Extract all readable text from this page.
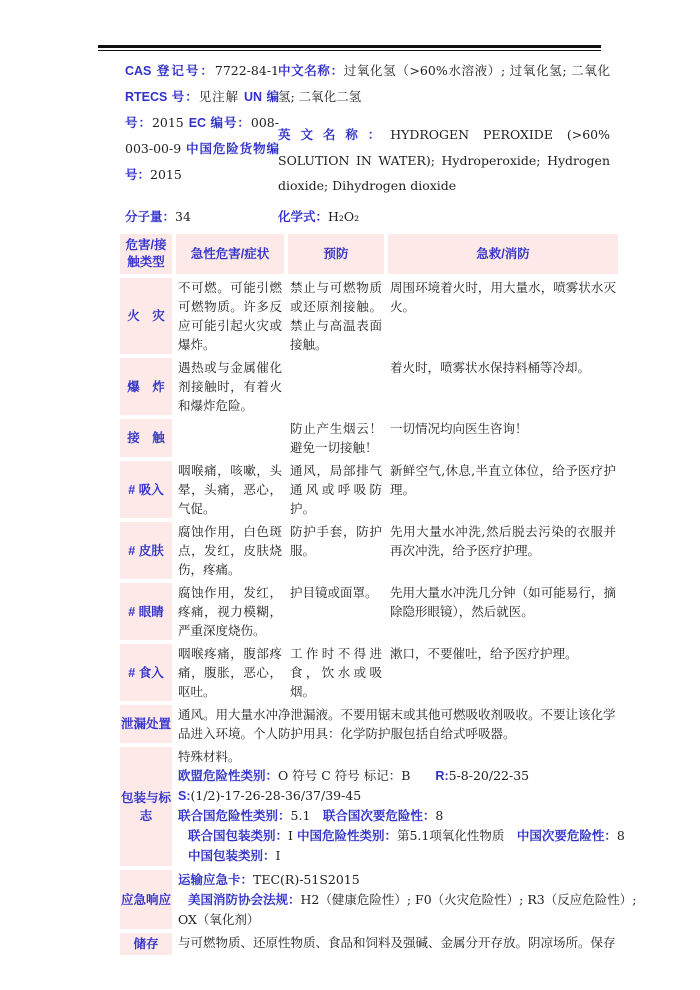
CAS 登记号：7722-84-1 RTECS 号：见注解 UN 编号：2015 EC 编号：008-003-00-9 中国危险货物编号：2015
中文名称：过氧化氢（>60%水溶液）; 过氧化氢; 二氧化氢; 二氧化二氢
英文名称：HYDROGEN PEROXIDE (>60% SOLUTION IN WATER); Hydroperoxide; Hydrogen dioxide; Dihydrogen dioxide
分子量：34	化学式：H₂O₂
危害/接触类型	急性危害/症状	预防	急救/消防
火　灾	不可燃。可能引燃可燃物质。许多反应可能引起火灾或爆炸。	禁止与可燃物质或还原剂接触。禁止与高温表面接触。	周围环境着火时，用大量水，喷雾状水灭火。
爆　炸	遇热或与金属催化剂接触时，有着火和爆炸危险。		着火时，喷雾状水保持料桶等冷却。
接　触		防止产生烟云！避免一切接触！	一切情况均向医生咨询！
# 吸入	咽喉痛，咳嗽，头晕，头痛，恶心，气促。	通风，局部排气通风或呼吸防护。	新鲜空气,休息,半直立体位，给予医疗护理。
# 皮肤	腐蚀作用，白色斑点，发红，皮肤烧伤，疼痛。	防护手套，防护服。	先用大量水冲洗,然后脱去污染的衣服并再次冲洗，给予医疗护理。
# 眼睛	腐蚀作用，发红，疼痛，视力模糊，严重深度烧伤。	护目镜或面罩。	先用大量水冲洗几分钟（如可能易行，摘除隐形眼镜），然后就医。
# 食入	咽喉疼痛，腹部疼痛，腹胀，恶心，呕吐。	工作时不得进食，饮水或吸烟。	漱口，不要催吐，给予医疗护理。
泄漏处置	通风。用大量水冲净泄漏液。不要用锯末或其他可燃吸收剂吸收。不要让该化学
品进入环境。个人防护用具：化学防护服包括自给式呼吸器。		

包装与标志	
特殊材料。
欧盟危险性类别：O 符号 C 符号 标记：B　　R:5-8-20/22-35
S:(1/2)-17-26-28-36/37/39-45
联合国危险性类别：5.1　联合国次要危险性：8
联合国包装类别：I 中国危险性类别：第5.1项氧化性物质　中国次要危险性：8
中国包装类别：I

应急响应	运输应急卡：TEC(R)-51S2015
美国消防协会法规：H2（健康危险性）; F0（火灾危险性）; R3（反应危险性）;
OX（氧化剂）		

储存	与可燃物质、还原性物质、食品和饲料及强碱、金属分开存放。阴凉场所。保存		
